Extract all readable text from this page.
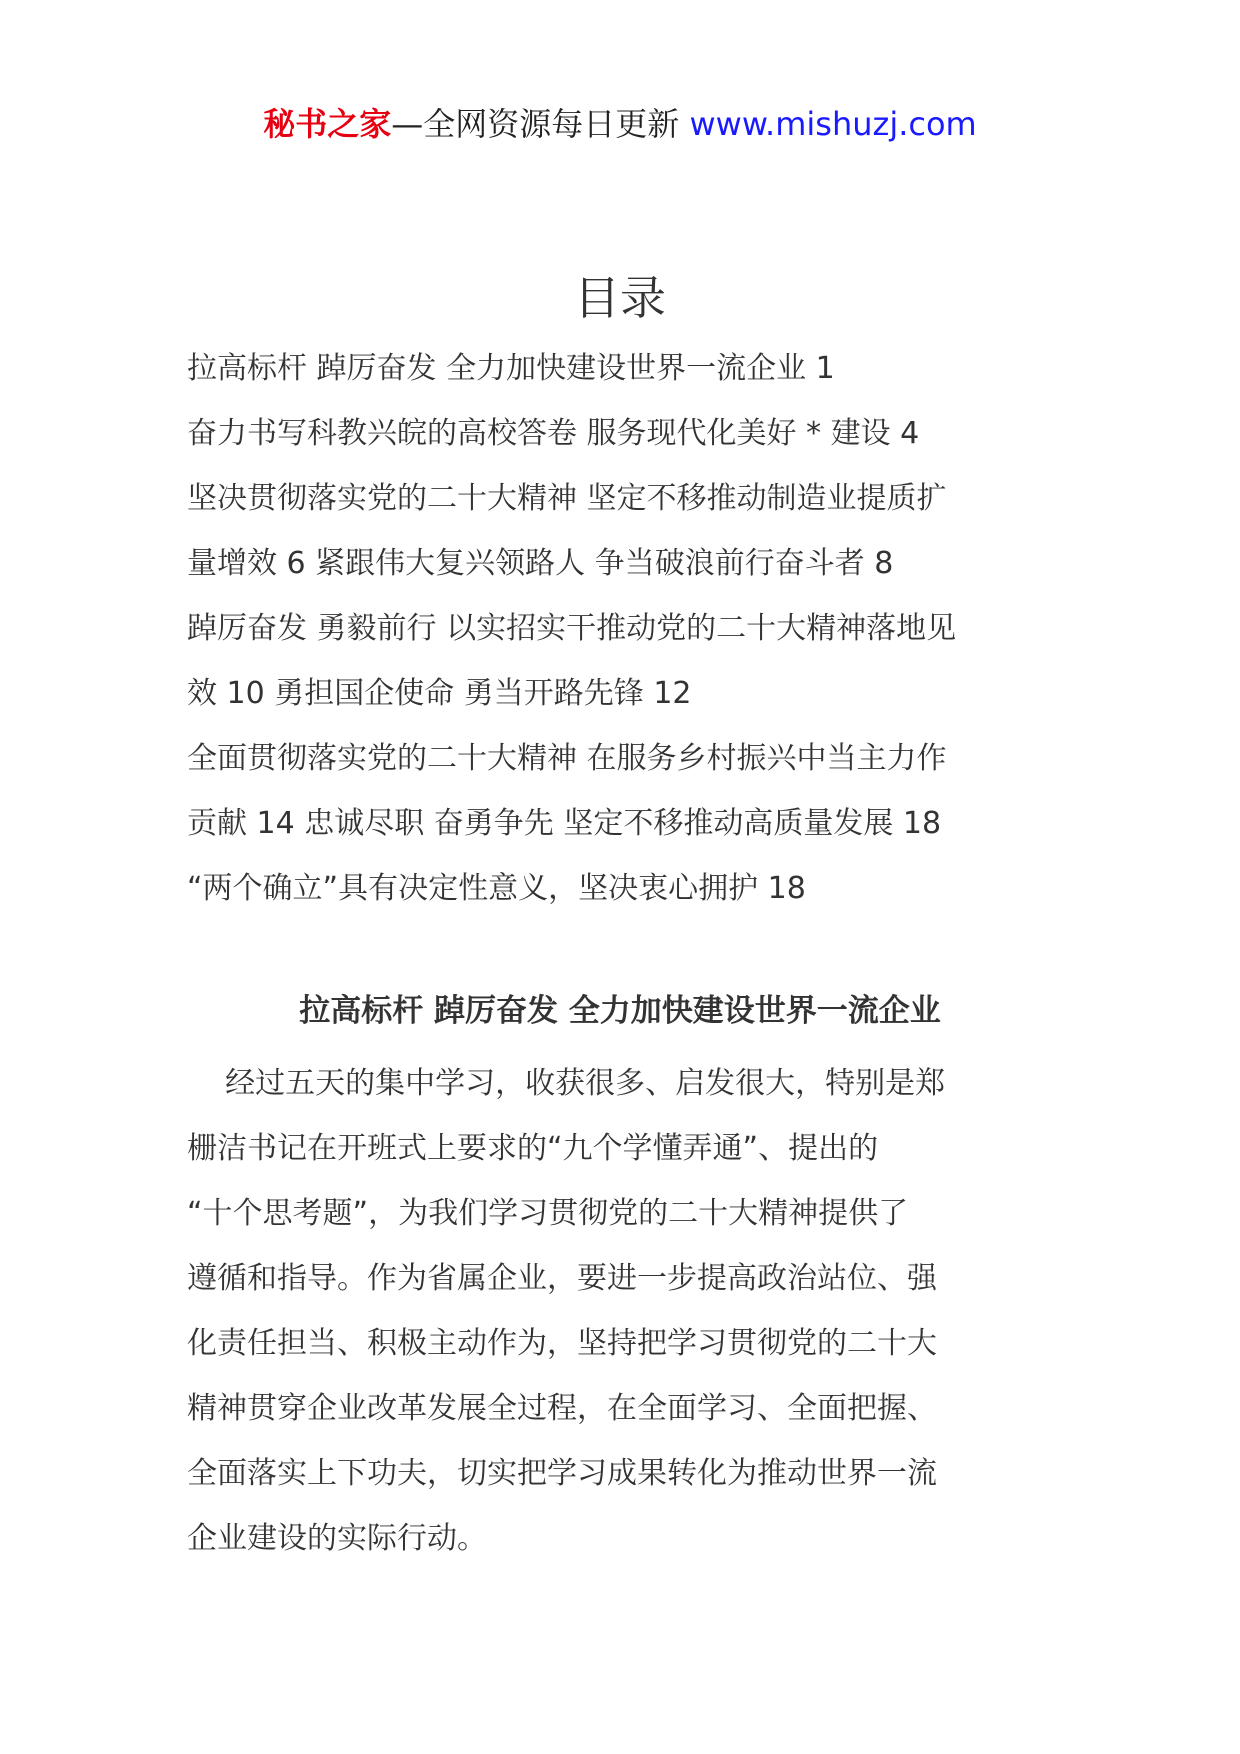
秘书之家—全网资源每日更新 www.mishuzj.com
目录
拉高标杆 踔厉奋发 全力加快建设世界一流企业 1
奋力书写科教兴皖的高校答卷 服务现代化美好 * 建设 4
坚决贯彻落实党的二十大精神 坚定不移推动制造业提质扩
量增效 6 紧跟伟大复兴领路人 争当破浪前行奋斗者 8
踔厉奋发 勇毅前行 以实招实干推动党的二十大精神落地见
效 10 勇担国企使命 勇当开路先锋 12
全面贯彻落实党的二十大精神 在服务乡村振兴中当主力作
贡献 14 忠诚尽职 奋勇争先 坚定不移推动高质量发展 18
“两个确立”具有决定性意义，坚决衷心拥护 18
拉高标杆 踔厉奋发 全力加快建设世界一流企业
经过五天的集中学习，收获很多、启发很大，特别是郑
栅洁书记在开班式上要求的“九个学懂弄通”、提出的
“十个思考题”，为我们学习贯彻党的二十大精神提供了
遵循和指导。作为省属企业，要进一步提高政治站位、强
化责任担当、积极主动作为，坚持把学习贯彻党的二十大
精神贯穿企业改革发展全过程，在全面学习、全面把握、
全面落实上下功夫，切实把学习成果转化为推动世界一流
企业建设的实际行动。
